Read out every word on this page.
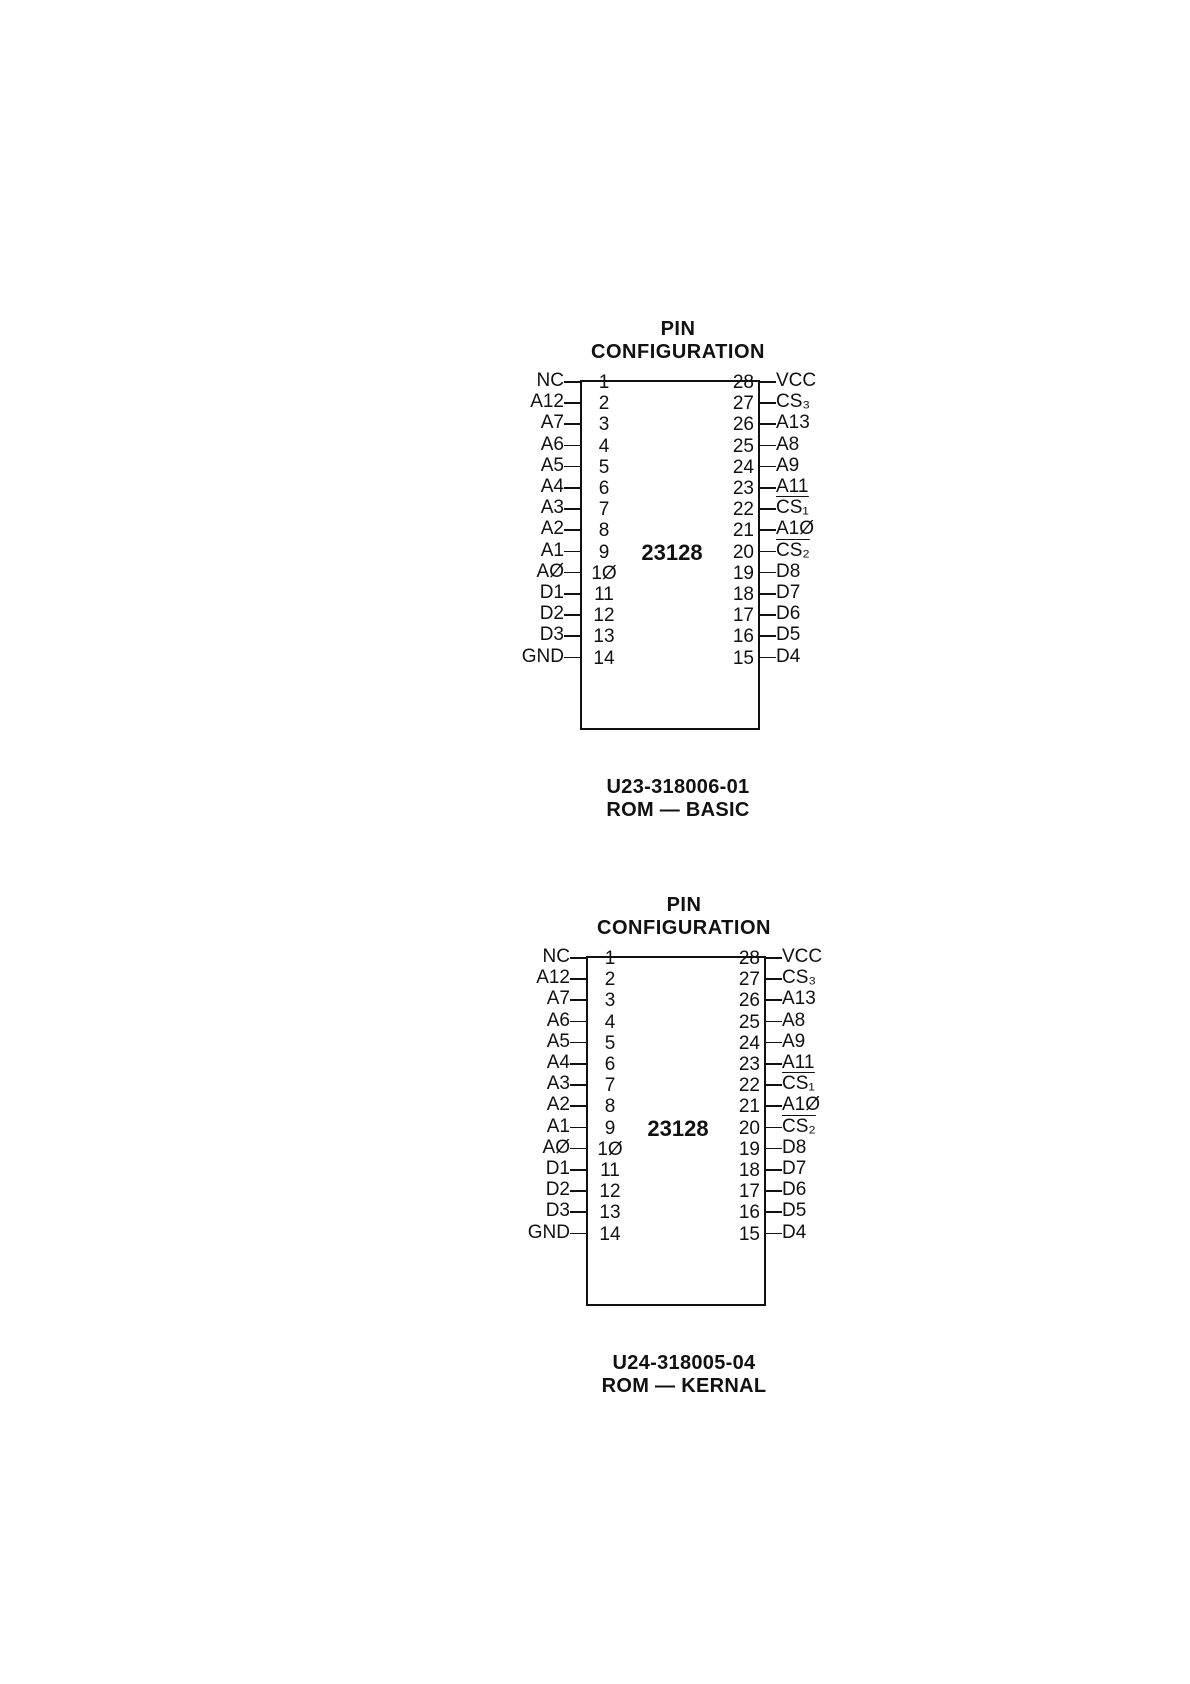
PIN
CONFIGURATION
23128
1
2
3
4
5
6
7
8
9
1Ø
11
12
13
14
28
27
26
25
24
23
22
21
20
19
18
17
16
15
U23-318006-01
ROM — BASIC
NC
A12
A7
A6
A5
A4
A3
A2
A1
AØ
D1
D2
D3
GND
VCC
CS₃
A13
A8
A9
A11
CS₁
A1Ø
CS₂
D8
D7
D6
D5
D4
PIN
CONFIGURATION
23128
1
2
3
4
5
6
7
8
9
1Ø
11
12
13
14
28
27
26
25
24
23
22
21
20
19
18
17
16
15
U24-318005-04
ROM — KERNAL
NC
A12
A7
A6
A5
A4
A3
A2
A1
AØ
D1
D2
D3
GND
VCC
CS₃
A13
A8
A9
A11
CS₁
A1Ø
CS₂
D8
D7
D6
D5
D4
